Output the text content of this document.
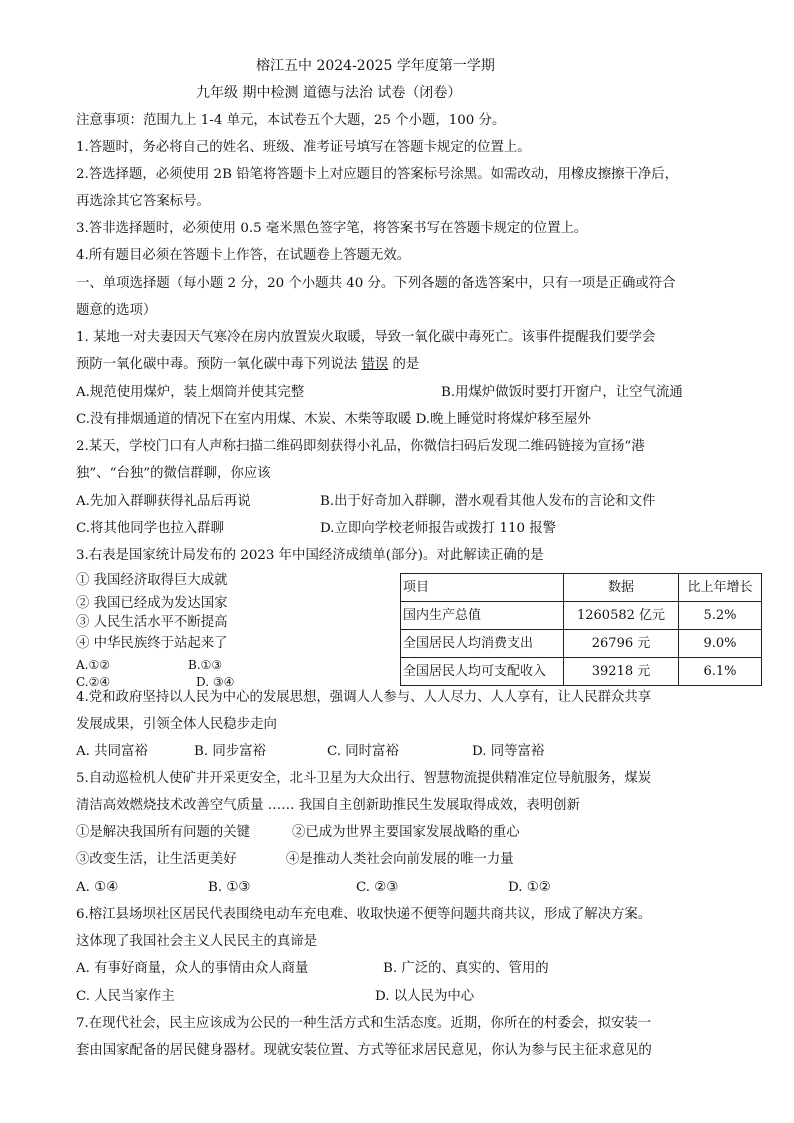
榕江五中 2024-2025 学年度第一学期
九年级 期中检测 道德与法治 试卷（闭卷）
注意事项：范围九上 1-4 单元，本试卷五个大题，25 个小题，100 分。
1.答题时，务必将自己的姓名、班级、准考证号填写在答题卡规定的位置上。
2.答选择题，必须使用 2B 铅笔将答题卡上对应题目的答案标号涂黑。如需改动，用橡皮擦擦干净后，
再选涂其它答案标号。
3.答非选择题时，必须使用 0.5 毫米黑色签字笔，将答案书写在答题卡规定的位置上。
4.所有题目必须在答题卡上作答，在试题卷上答题无效。
一、单项选择题（每小题 2 分，20 个小题共 40 分。下列各题的备选答案中，只有一项是正确或符合
题意的选项）
1. 某地一对夫妻因天气寒冷在房内放置炭火取暖，导致一氧化碳中毒死亡。该事件提醒我们要学会
预防一氧化碳中毒。预防一氧化碳中毒下列说法 错误 的是
A.规范使用煤炉，装上烟筒并使其完整	B.用煤炉做饭时要打开窗户，让空气流通
C.没有排烟通道的情况下在室内用煤、木炭、木柴等取暖 D.晚上睡觉时将煤炉移至屋外
2.某天，学校门口有人声称扫描二维码即刻获得小礼品，你微信扫码后发现二维码链接为宣扬“港
独”、“台独”的微信群聊，你应该
A.先加入群聊获得礼品后再说	B.出于好奇加入群聊，潜水观看其他人发布的言论和文件
C.将其他同学也拉入群聊	D.立即向学校老师报告或拨打 110 报警
3.右表是国家统计局发布的 2023 年中国经济成绩单(部分)。对此解读正确的是
① 我国经济取得巨大成就
② 我国已经成为发达国家
③ 人民生活水平不断提高
④ 中华民族终于站起来了
A.①②	B.①③
C.②④	D. ③④
项目	数据	比上年增长
国内生产总值	1260582 亿元	5.2%
全国居民人均消费支出	26796 元	9.0%
全国居民人均可支配收入	39218 元	6.1%
4.党和政府坚持以人民为中心的发展思想，强调人人参与、人人尽力、人人享有，让人民群众共享
发展成果，引领全体人民稳步走向
A. 共同富裕	B. 同步富裕	C. 同时富裕	D. 同等富裕
5.自动巡检机人使矿井开采更安全，北斗卫星为大众出行、智慧物流提供精准定位导航服务，煤炭
清洁高效燃烧技术改善空气质量 …… 我国自主创新助推民生发展取得成效，表明创新
①是解决我国所有问题的关键	②已成为世界主要国家发展战略的重心
③改变生活，让生活更美好	④是推动人类社会向前发展的唯一力量
A. ①④	B. ①③	C. ②③	D. ①②
6.榕江县场坝社区居民代表围绕电动车充电难、收取快递不便等问题共商共议，形成了解决方案。
这体现了我国社会主义人民民主的真谛是
A. 有事好商量，众人的事情由众人商量	B. 广泛的、真实的、管用的
C. 人民当家作主	D. 以人民为中心
7.在现代社会，民主应该成为公民的一种生活方式和生活态度。近期，你所在的村委会，拟安装一
套由国家配备的居民健身器材。现就安装位置、方式等征求居民意见，你认为参与民主征求意见的
